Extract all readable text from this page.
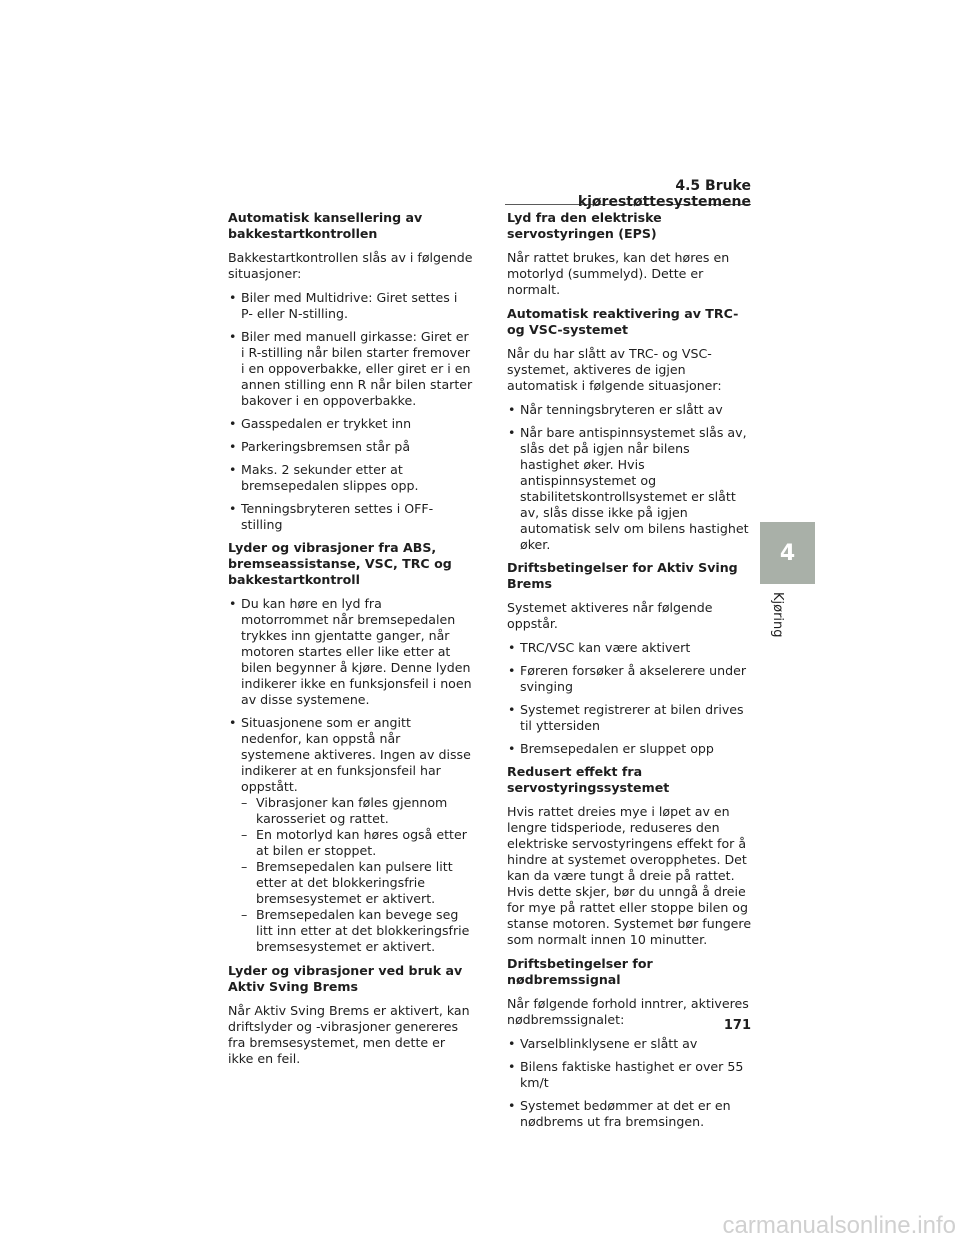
4.5 Bruke kjørestøttesystemene
Automatisk kansellering av bakkestartkontrollen
Bakkestartkontrollen slås av i følgende situasjoner:
• Biler med Multidrive: Giret settes i P- eller N-stilling.
• Biler med manuell girkasse: Giret er i R-stilling når bilen starter fremover i en oppoverbakke, eller giret er i en annen stilling enn R når bilen starter bakover i en oppoverbakke.
• Gasspedalen er trykket inn
• Parkeringsbremsen står på
• Maks. 2 sekunder etter at bremsepedalen slippes opp.
• Tenningsbryteren settes i OFF-stilling
Lyder og vibrasjoner fra ABS, bremseassistanse, VSC, TRC og bakkestartkontroll
• Du kan høre en lyd fra motorrommet når bremsepedalen trykkes inn gjentatte ganger, når motoren startes eller like etter at bilen begynner å kjøre. Denne lyden indikerer ikke en funksjonsfeil i noen av disse systemene.
• Situasjonene som er angitt nedenfor, kan oppstå når systemene aktiveres. Ingen av disse indikerer at en funksjonsfeil har oppstått.
– Vibrasjoner kan føles gjennom karosseriet og rattet.
– En motorlyd kan høres også etter at bilen er stoppet.
– Bremsepedalen kan pulsere litt etter at det blokkeringsfrie bremsesystemet er aktivert.
– Bremsepedalen kan bevege seg litt inn etter at det blokkeringsfrie bremsesystemet er aktivert.
Lyder og vibrasjoner ved bruk av Aktiv Sving Brems
Når Aktiv Sving Brems er aktivert, kan driftslyder og -vibrasjoner genereres fra bremsesystemet, men dette er ikke en feil.
Lyd fra den elektriske servostyringen (EPS)
Når rattet brukes, kan det høres en motorlyd (summelyd). Dette er normalt.
Automatisk reaktivering av TRC- og VSC-systemet
Når du har slått av TRC- og VSC-systemet, aktiveres de igjen automatisk i følgende situasjoner:
• Når tenningsbryteren er slått av
• Når bare antispinnsystemet slås av, slås det på igjen når bilens hastighet øker. Hvis antispinnsystemet og stabilitetskontrollsystemet er slått av, slås disse ikke på igjen automatisk selv om bilens hastighet øker.
Driftsbetingelser for Aktiv Sving Brems
Systemet aktiveres når følgende oppstår.
• TRC/VSC kan være aktivert
• Føreren forsøker å akselerere under svinging
• Systemet registrerer at bilen drives til yttersiden
• Bremsepedalen er sluppet opp
Redusert effekt fra servostyringssystemet
Hvis rattet dreies mye i løpet av en lengre tidsperiode, reduseres den elektriske servostyringens effekt for å hindre at systemet overopphetes. Det kan da være tungt å dreie på rattet. Hvis dette skjer, bør du unngå å dreie for mye på rattet eller stoppe bilen og stanse motoren. Systemet bør fungere som normalt innen 10 minutter.
Driftsbetingelser for nødbremssignal
Når følgende forhold inntrer, aktiveres nødbremssignalet:
• Varselblinklysene er slått av
• Bilens faktiske hastighet er over 55 km/t
• Systemet bedømmer at det er en nødbrems ut fra bremsingen.
4
Kjøring
171
carmanualsonline.info
